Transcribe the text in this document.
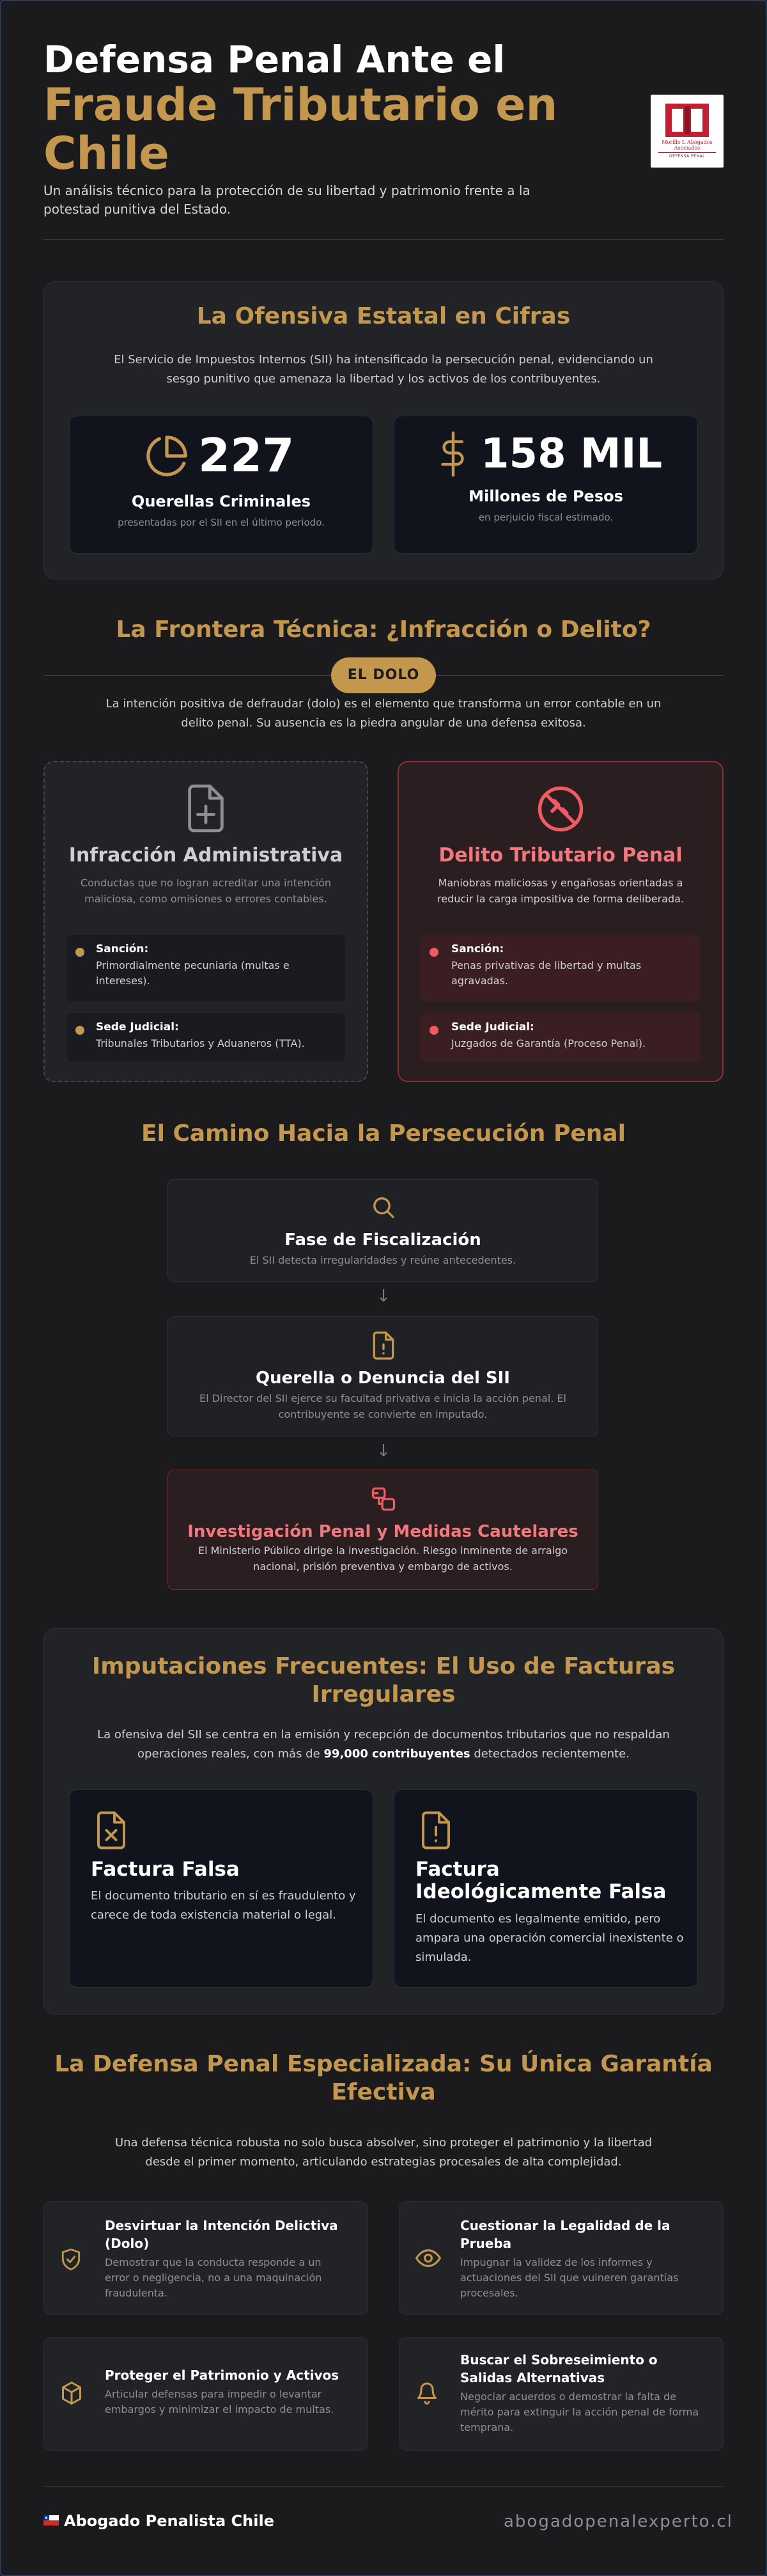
Defensa Penal Ante el
Fraude Tributario en Chile
Un análisis técnico para la protección de su libertad y patrimonio frente a la potestad punitiva del Estado.
Morillo L Abogados Asociados
DEFENSA PENAL
La Ofensiva Estatal en Cifras
El Servicio de Impuestos Internos (SII) ha intensificado la persecución penal, evidenciando un sesgo punitivo que amenaza la libertad y los activos de los contribuyentes.
227
Querellas Criminales
presentadas por el SII en el último periodo.
158 MIL
Millones de Pesos
en perjuicio fiscal estimado.
La Frontera Técnica: ¿Infracción o Delito?
EL DOLO
La intención positiva de defraudar (dolo) es el elemento que transforma un error contable en un delito penal. Su ausencia es la piedra angular de una defensa exitosa.
Infracción Administrativa
Conductas que no logran acreditar una intención maliciosa, como omisiones o errores contables.
Sanción:
Primordialmente pecuniaria (multas e intereses).
Sede Judicial:
Tribunales Tributarios y Aduaneros (TTA).
Delito Tributario Penal
Maniobras maliciosas y engañosas orientadas a reducir la carga impositiva de forma deliberada.
Sanción:
Penas privativas de libertad y multas agravadas.
Sede Judicial:
Juzgados de Garantía (Proceso Penal).
El Camino Hacia la Persecución Penal
Fase de Fiscalización
El SII detecta irregularidades y reúne antecedentes.
↓
Querella o Denuncia del SII
El Director del SII ejerce su facultad privativa e inicia la acción penal. El contribuyente se convierte en imputado.
↓
Investigación Penal y Medidas Cautelares
El Ministerio Público dirige la investigación. Riesgo inminente de arraigo nacional, prisión preventiva y embargo de activos.
Imputaciones Frecuentes: El Uso de Facturas Irregulares
La ofensiva del SII se centra en la emisión y recepción de documentos tributarios que no respaldan operaciones reales, con más de 99,000 contribuyentes detectados recientemente.
Factura Falsa
El documento tributario en sí es fraudulento y carece de toda existencia material o legal.
Factura Ideológicamente Falsa
El documento es legalmente emitido, pero ampara una operación comercial inexistente o simulada.
La Defensa Penal Especializada: Su Única Garantía Efectiva
Una defensa técnica robusta no solo busca absolver, sino proteger el patrimonio y la libertad desde el primer momento, articulando estrategias procesales de alta complejidad.
Desvirtuar la Intención Delictiva (Dolo)
Demostrar que la conducta responde a un error o negligencia, no a una maquinación fraudulenta.
Cuestionar la Legalidad de la Prueba
Impugnar la validez de los informes y actuaciones del SII que vulneren garantías procesales.
Proteger el Patrimonio y Activos
Articular defensas para impedir o levantar embargos y minimizar el impacto de multas.
Buscar el Sobreseimiento o Salidas Alternativas
Negociar acuerdos o demostrar la falta de mérito para extinguir la acción penal de forma temprana.
Abogado Penalista Chile	abogadopenalexperto.cl
